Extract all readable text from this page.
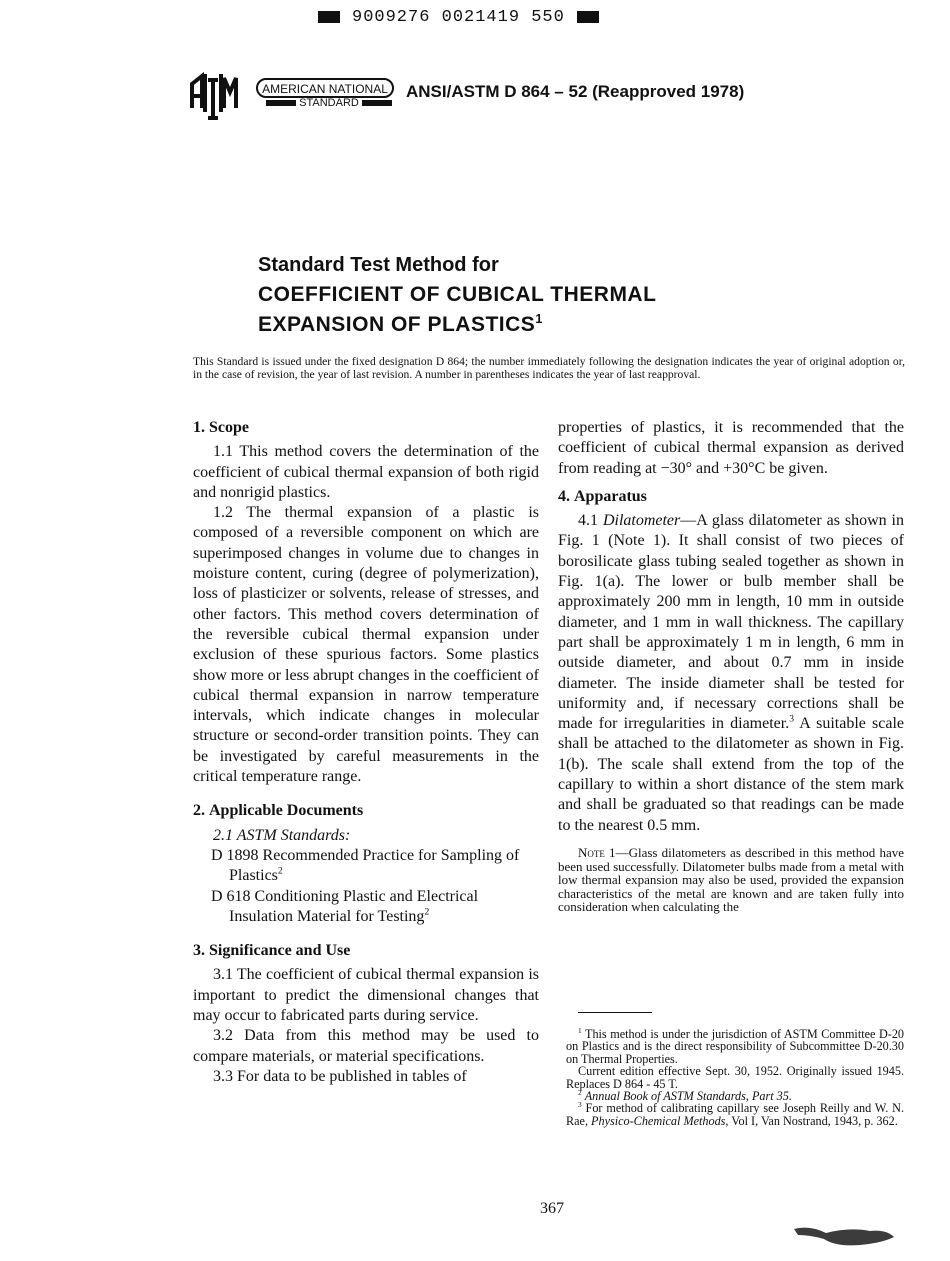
9009276 0021419 550
AMERICAN NATIONAL
STANDARD
ANSI/ASTM D 864 – 52 (Reapproved 1978)
Standard Test Method for
COEFFICIENT OF CUBICAL THERMAL
EXPANSION OF PLASTICS$^1$
This Standard is issued under the fixed designation D 864; the number immediately following the designation indicates the year of original adoption or, in the case of revision, the year of last revision. A number in parentheses indicates the year of last reapproval.
1. Scope

1.1 This method covers the determination of the coefficient of cubical thermal expansion of both rigid and nonrigid plastics.

1.2 The thermal expansion of a plastic is composed of a reversible component on which are superimposed changes in volume due to changes in moisture content, curing (degree of polymerization), loss of plasticizer or solvents, release of stresses, and other factors. This method covers determination of the reversible cubical thermal expansion under exclusion of these spurious factors. Some plastics show more or less abrupt changes in the coefficient of cubical thermal expansion in narrow temperature intervals, which indicate changes in molecular structure or second-order transition points. They can be investigated by careful measurements in the critical temperature range.

2. Applicable Documents

2.1 ASTM Standards:

D 1898 Recommended Practice for Sampling of Plastics$^2$

D 618 Conditioning Plastic and Electrical Insulation Material for Testing$^2$

3. Significance and Use

3.1 The coefficient of cubical thermal expansion is important to predict the dimensional changes that may occur to fabricated parts during service.

3.2 Data from this method may be used to compare materials, or material specifications.

3.3 For data to be published in tables of

properties of plastics, it is recommended that the coefficient of cubical thermal expansion as derived from reading at −30° and +30°C be given.

4. Apparatus

4.1 Dilatometer—A glass dilatometer as shown in Fig. 1 (Note 1). It shall consist of two pieces of borosilicate glass tubing sealed together as shown in Fig. 1(a). The lower or bulb member shall be approximately 200 mm in length, 10 mm in outside diameter, and 1 mm in wall thickness. The capillary part shall be approximately 1 m in length, 6 mm in outside diameter, and about 0.7 mm in inside diameter. The inside diameter shall be tested for uniformity and, if necessary corrections shall be made for irregularities in diameter.$^3$ A suitable scale shall be attached to the dilatometer as shown in Fig. 1(b). The scale shall extend from the top of the capillary to within a short distance of the stem mark and shall be graduated so that readings can be made to the nearest 0.5 mm.

Note 1—Glass dilatometers as described in this method have been used successfully. Dilatometer bulbs made from a metal with low thermal expansion may also be used, provided the expansion characteristics of the metal are known and are taken fully into consideration when calculating the

$^1$ This method is under the jurisdiction of ASTM Committee D-20 on Plastics and is the direct responsibility of Subcommittee D-20.30 on Thermal Properties.

Current edition effective Sept. 30, 1952. Originally issued 1945. Replaces D 864 - 45 T.

$^2$ Annual Book of ASTM Standards, Part 35.

$^3$ For method of calibrating capillary see Joseph Reilly and W. N. Rae, Physico-Chemical Methods, Vol I, Van Nostrand, 1943, p. 362.

367
